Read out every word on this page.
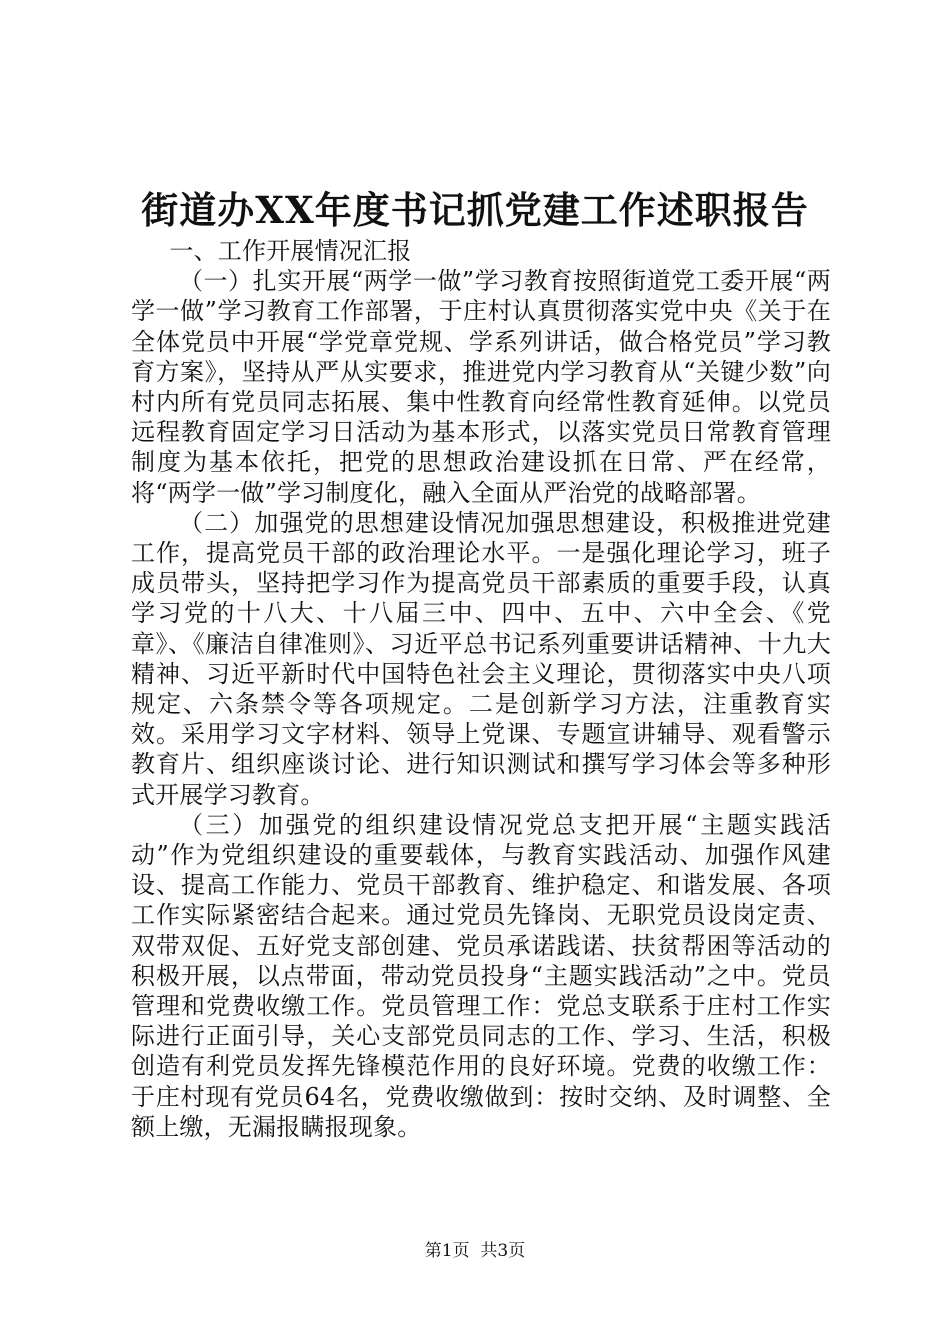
街道办XX年度书记抓党建工作述职报告

一、工作开展情况汇报

（一）扎实开展“两学一做”学习教育按照街道党工委开展“两学一做”学习教育工作部署，于庄村认真贯彻落实党中央《关于在全体党员中开展“学党章党规、学系列讲话，做合格党员”学习教育方案》，坚持从严从实要求，推进党内学习教育从“关键少数”向村内所有党员同志拓展、集中性教育向经常性教育延伸。以党员远程教育固定学习日活动为基本形式，以落实党员日常教育管理制度为基本依托，把党的思想政治建设抓在日常、严在经常，将“两学一做”学习制度化，融入全面从严治党的战略部署。

（二）加强党的思想建设情况加强思想建设，积极推进党建工作，提高党员干部的政治理论水平。一是强化理论学习，班子成员带头，坚持把学习作为提高党员干部素质的重要手段，认真学习党的十八大、十八届三中、四中、五中、六中全会、《党章》、《廉洁自律准则》、习近平总书记系列重要讲话精神、十九大精神、习近平新时代中国特色社会主义理论，贯彻落实中央八项规定、六条禁令等各项规定。二是创新学习方法，注重教育实效。采用学习文字材料、领导上党课、专题宣讲辅导、观看警示教育片、组织座谈讨论、进行知识测试和撰写学习体会等多种形式开展学习教育。

（三）加强党的组织建设情况党总支把开展“主题实践活动”作为党组织建设的重要载体，与教育实践活动、加强作风建设、提高工作能力、党员干部教育、维护稳定、和谐发展、各项工作实际紧密结合起来。通过党员先锋岗、无职党员设岗定责、双带双促、五好党支部创建、党员承诺践诺、扶贫帮困等活动的积极开展，以点带面，带动党员投身“主题实践活动”之中。党员管理和党费收缴工作。党员管理工作：党总支联系于庄村工作实际进行正面引导，关心支部党员同志的工作、学习、生活，积极创造有利党员发挥先锋模范作用的良好环境。党费的收缴工作：于庄村现有党员64名，党费收缴做到：按时交纳、及时调整、全额上缴，无漏报瞒报现象。

第1页 共3页
